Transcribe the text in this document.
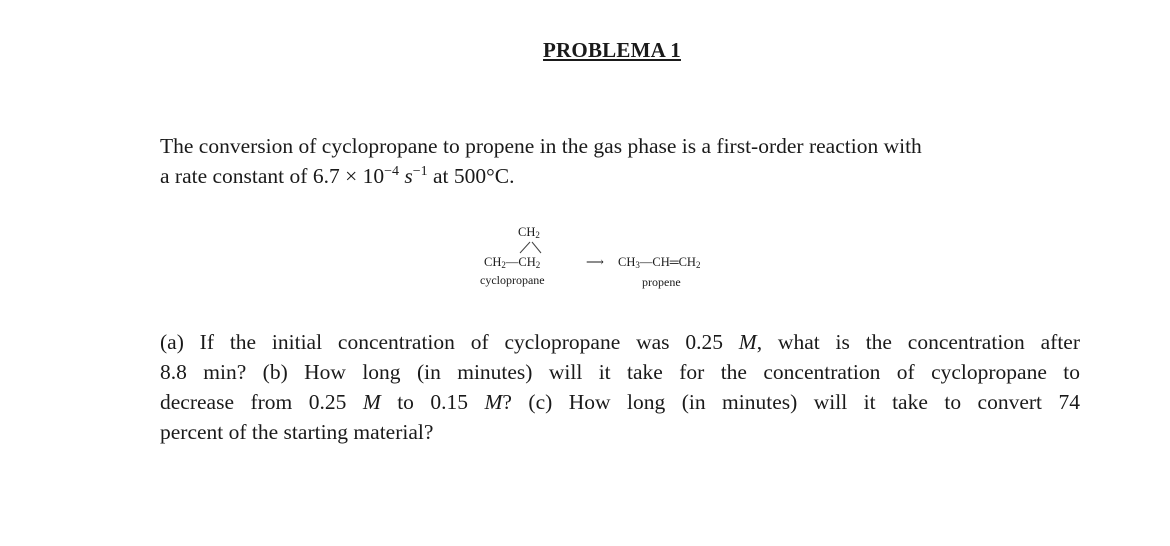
PROBLEMA 1
The conversion of cyclopropane to propene in the gas phase is a first-order reaction with
a rate constant of $6.7 \times 10^{-4}$ $s^{-1}$ at 500°C.
$CH_2$
$CH_2—CH_2$
cyclopropane
⟶ $CH_3—CH═CH_2$
propene
(a) If the initial concentration of cyclopropane was 0.25 M, what is the concentration after
8.8 min? (b) How long (in minutes) will it take for the concentration of cyclopropane to
decrease from 0.25 M to 0.15 M? (c) How long (in minutes) will it take to convert 74
percent of the starting material?
